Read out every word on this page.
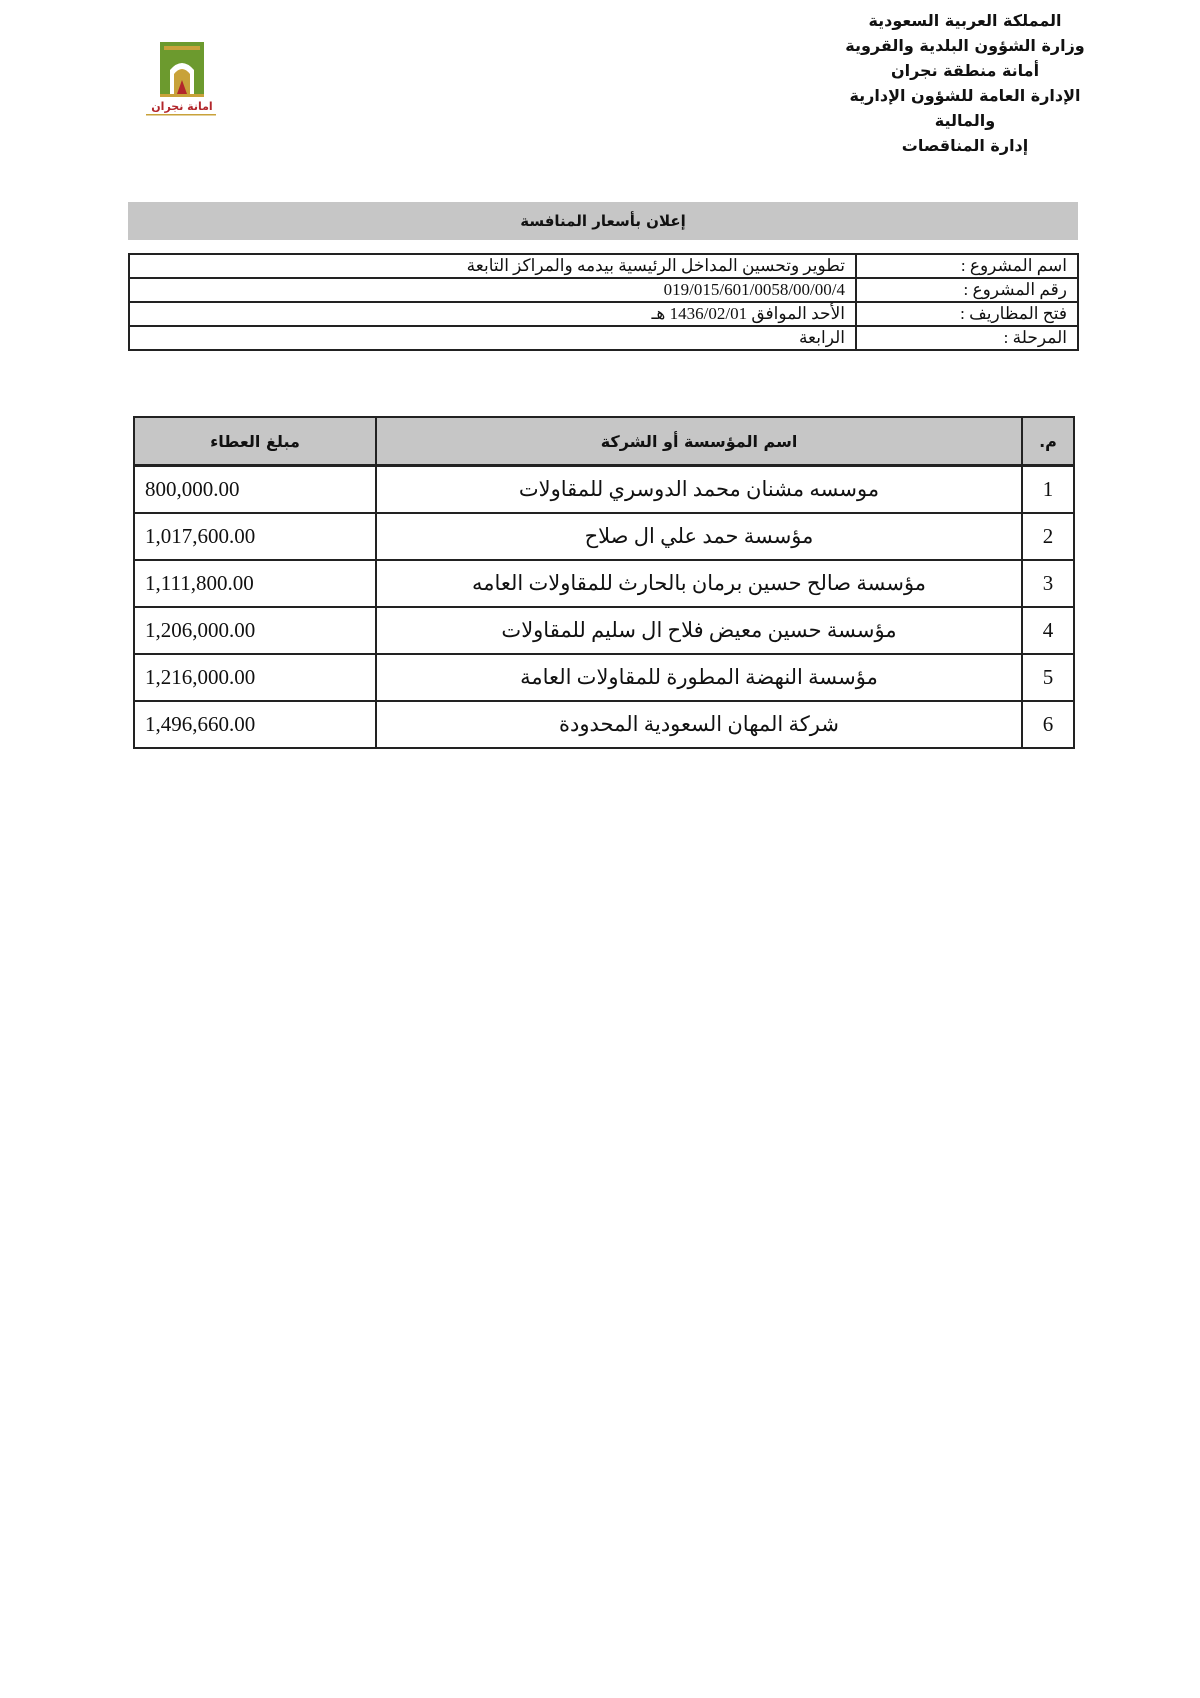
المملكة العربية السعودية
وزارة الشؤون البلدية والقروية
أمانة منطقة نجران
الإدارة العامة للشؤون الإدارية
والمالية
إدارة المناقصات
امانة نجران
إعلان بأسعار المنافسة
اسم المشروع :	تطوير وتحسين المداخل الرئيسية بيدمه والمراكز التابعة
رقم المشروع :	019/015/601/0058/00/00/4
فتح المظاريف :	الأحد الموافق 1436/02/01 هـ
المرحلة :	الرابعة
م.	اسم المؤسسة أو الشركة	مبلغ العطاء
1	موسسه مشنان محمد الدوسري للمقاولات	800,000.00
2	مؤسسة حمد علي ال صلاح	1,017,600.00
3	مؤسسة صالح حسين برمان بالحارث للمقاولات العامه	1,111,800.00
4	مؤسسة حسين معيض فلاح ال سليم للمقاولات	1,206,000.00
5	مؤسسة النهضة المطورة للمقاولات العامة	1,216,000.00
6	شركة المهان السعودية المحدودة	1,496,660.00
